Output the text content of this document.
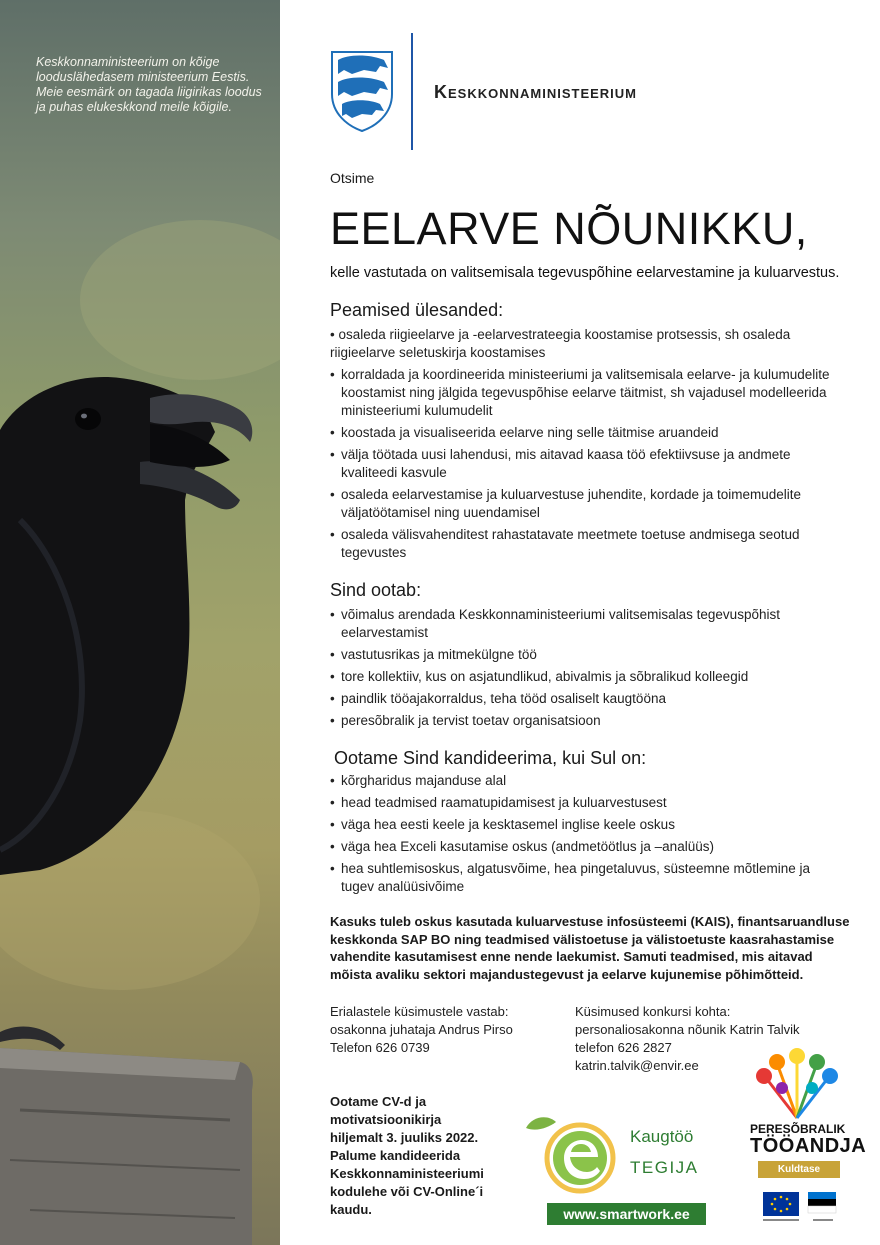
Keskkonnaministeerium on kõige
looduslähedasem ministeerium Eestis.
Meie eesmärk on tagada liigirikas loodus
ja puhas elukeskkond meile kõigile.
Keskkonnaministeerium

Otsime

EELARVE NÕUNIKKU,

kelle vastutada on valitsemisala tegevuspõhine eelarvestamine ja kuluarvestus.

Peamised ülesanded:
• osaleda riigieelarve ja -eelarvestrateegia koostamise protsessis, sh osaleda
riigieelarve seletuskirja koostamises
• korraldada ja koordineerida ministeeriumi ja valitsemisala eelarve- ja kulumudelite
koostamist ning jälgida tegevuspõhise eelarve täitmist, sh vajadusel modelleerida
ministeeriumi kulumudelit
• koostada ja visualiseerida eelarve ning selle täitmise aruandeid
• välja töötada uusi lahendusi, mis aitavad kaasa töö efektiivsuse ja andmete
kvaliteedi kasvule
• osaleda eelarvestamise ja kuluarvestuse juhendite, kordade ja toimemudelite
väljatöötamisel ning uuendamisel
• osaleda välisvahenditest rahastatavate meetmete toetuse andmisega seotud
tegevustes
Sind ootab:
• võimalus arendada Keskkonnaministeeriumi valitsemisalas tegevuspõhist
eelarvestamist
• vastutusrikas ja mitmekülgne töö
• tore kollektiiv, kus on asjatundlikud, abivalmis ja sõbralikud kolleegid
• paindlik tööajakorraldus, teha tööd osaliselt kaugtööna
• peresõbralik ja tervist toetav organisatsioon
Ootame Sind kandideerima, kui Sul on:
• kõrgharidus majanduse alal
• head teadmised raamatupidamisest ja kuluarvestusest
• väga hea eesti keele ja kesktasemel inglise keele oskus
• väga hea Exceli kasutamise oskus (andmetöötlus ja –analüüs)
• hea suhtlemisoskus, algatusvõime, hea pingetaluvus, süsteemne mõtlemine ja
tugev analüüsivõime
Kasuks tuleb oskus kasutada kuluarvestuse infosüsteemi (KAIS), finantsaruandluse
keskkonda SAP BO ning teadmised välistoetuse ja välistoetuste kaasrahastamise
vahendite kasutamisest enne nende laekumist. Samuti teadmised, mis aitavad
mõista avaliku sektori majandustegevust ja eelarve kujunemise põhimõtteid.
Erialastele küsimustele vastab:
osakonna juhataja Andrus Pirso
Telefon 626 0739
Küsimused konkursi kohta:
personaliosakonna nõunik Katrin Talvik
telefon 626 2827
katrin.talvik@envir.ee
Ootame CV-d ja motivatsioonikirja
hiljemalt 3. juuliks 2022.
Palume kandideerida
Keskkonnaministeeriumi
kodulehe või CV-Online´i
kaudu.
Kaugtöö
TEGIJA
www.smartwork.ee
PERESÕBRALIK
TÖÖANDJA
Kuldtase
